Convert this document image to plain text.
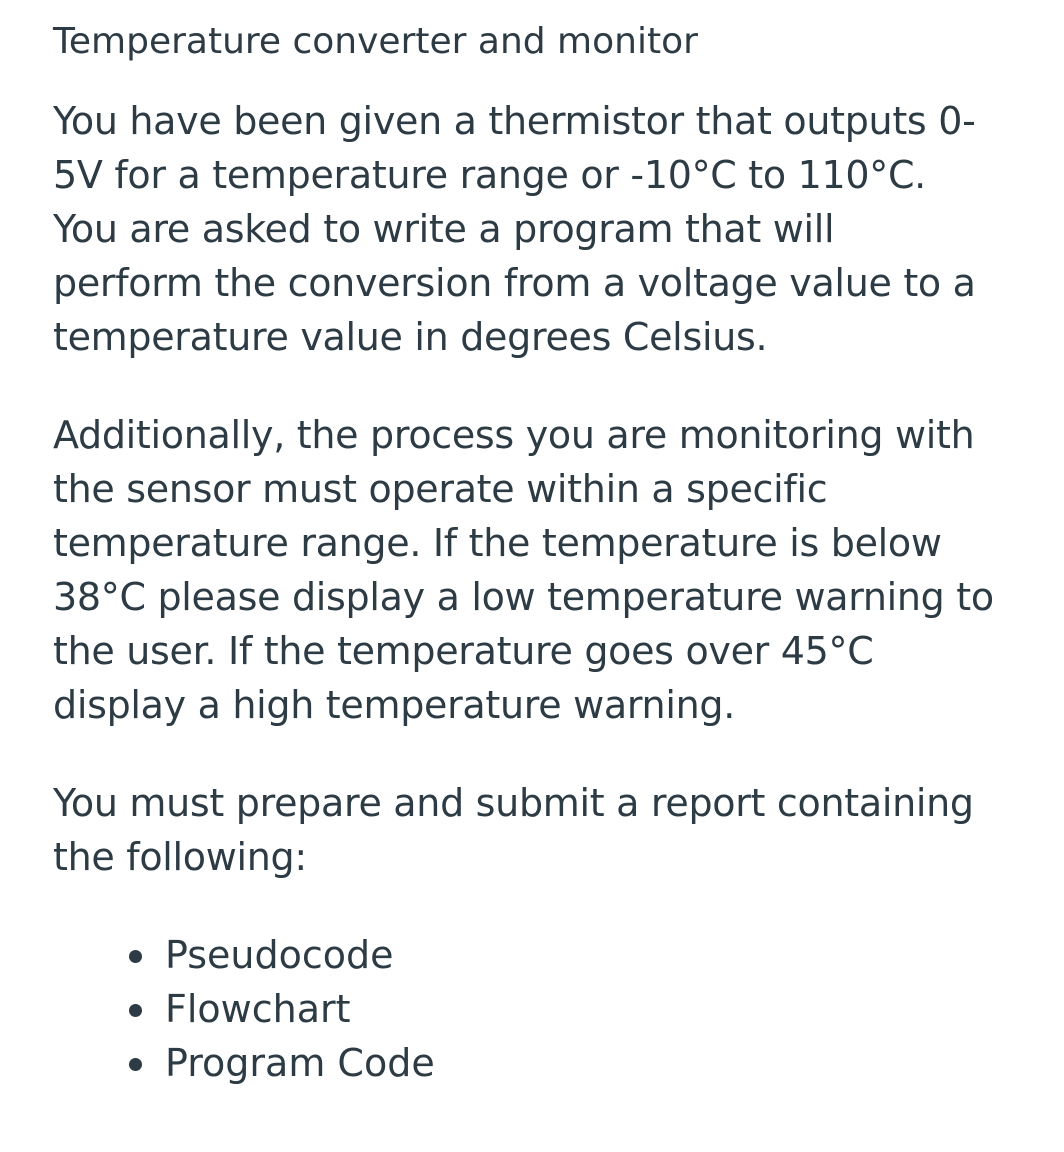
Temperature converter and monitor

You have been given a thermistor that outputs 0-
5V for a temperature range or -10°C to 110°C.
You are asked to write a program that will
perform the conversion from a voltage value to a
temperature value in degrees Celsius.

Additionally, the process you are monitoring with
the sensor must operate within a specific
temperature range. If the temperature is below
38°C please display a low temperature warning to
the user. If the temperature goes over 45°C
display a high temperature warning.

You must prepare and submit a report containing
the following:

Pseudocode
Flowchart
Program Code
